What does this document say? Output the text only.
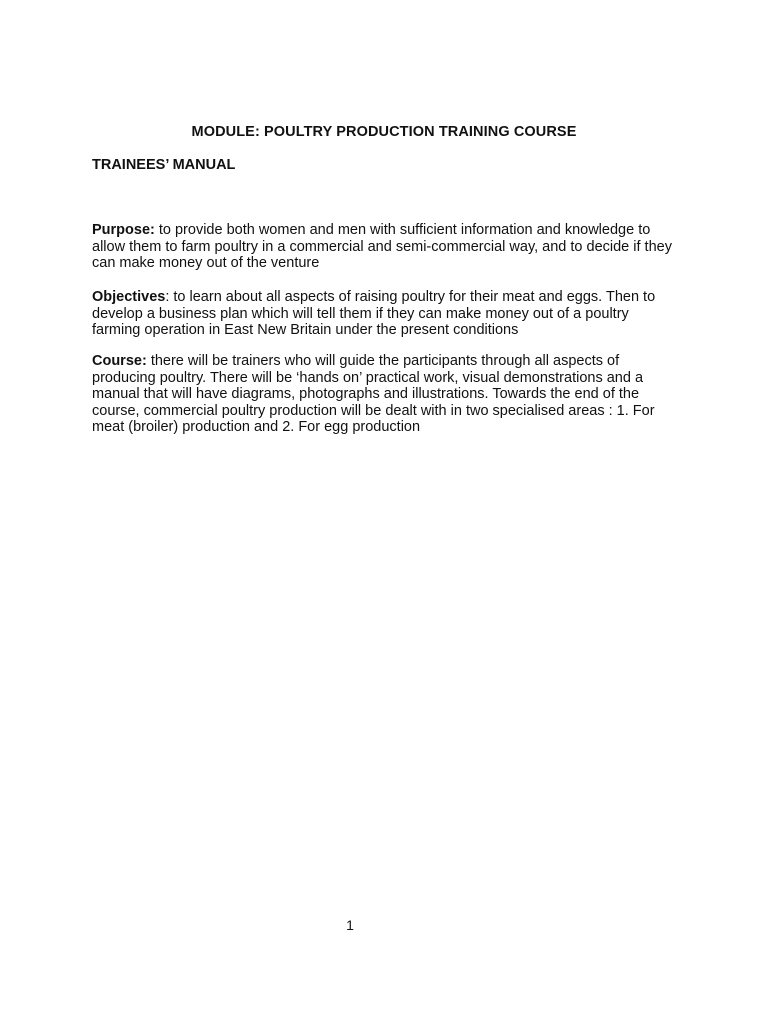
MODULE: POULTRY PRODUCTION TRAINING COURSE
TRAINEES’ MANUAL

Purpose: to provide both women and men with sufficient information and knowledge to allow them to farm poultry in a commercial and semi-commercial way, and to decide if they can make money out of the venture

Objectives: to learn about all aspects of raising poultry for their meat and eggs. Then to develop a business plan which will tell them if they can make money out of a poultry farming operation in East New Britain under the present conditions

Course: there will be trainers who will guide the participants through all aspects of producing poultry. There will be ‘hands on’ practical work, visual demonstrations and a manual that will have diagrams, photographs and illustrations. Towards the end of the course, commercial poultry production will be dealt with in two specialised areas : 1. For meat (broiler) production and 2. For egg production

1
